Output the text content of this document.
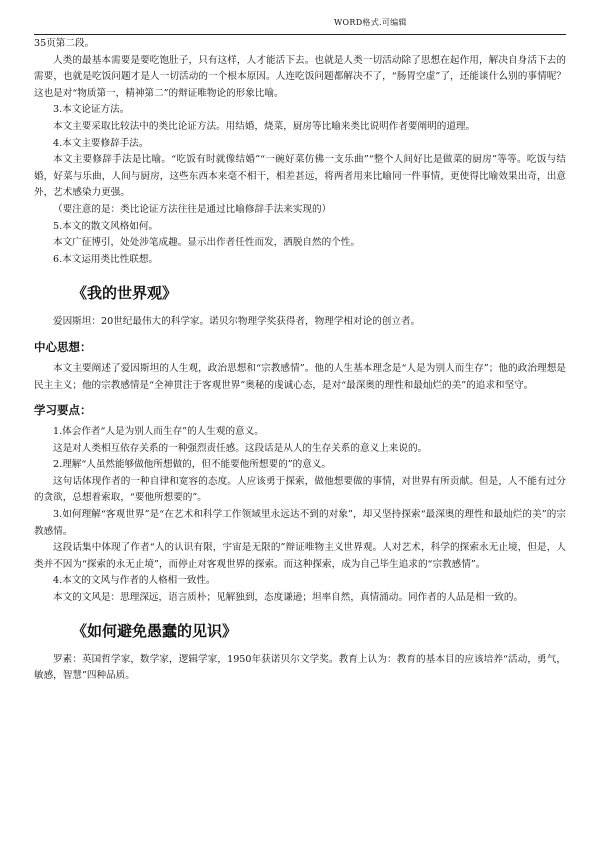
WORD格式.可编辑

35页第二段。

人类的最基本需要是要吃饱肚子，只有这样，人才能活下去。也就是人类一切活动除了思想在起作用，解决自身活下去的需要，也就是吃饭问题才是人一切活动的一个根本原因。人连吃饭问题都解决不了，“肠胃空虚”了，还能谈什么别的事情呢？这也是对“物质第一，精神第二”的辩证唯物论的形象比喻。

3.本文论证方法。

本文主要采取比较法中的类比论证方法。用结婚，烧菜，厨房等比喻来类比说明作者要阐明的道理。

4.本文主要修辞手法。

本文主要修辞手法是比喻。“吃饭有时就像结婚”“一碗好菜仿佛一支乐曲”“整个人间好比是做菜的厨房”等等。吃饭与结婚，好菜与乐曲，人间与厨房，这些东西本来毫不相干，相差甚远，将两者用来比喻同一件事情，更使得比喻效果出奇，出意外，艺术感染力更强。

（要注意的是：类比论证方法往往是通过比喻修辞手法来实现的）

5.本文的散文风格如何。

本文广征博引，处处涉笔成趣。显示出作者任性而发，洒脱自然的个性。

6.本文运用类比性联想。

《我的世界观》

爱因斯坦：20世纪最伟大的科学家。诺贝尔物理学奖获得者，物理学相对论的创立者。

中心思想：

本文主要阐述了爱因斯坦的人生观，政治思想和“宗教感情”。他的人生基本理念是“人是为别人而生存”；他的政治理想是民主主义；他的宗教感情是“全神贯注于客观世界”奥秘的虔诚心态，是对“最深奥的理性和最灿烂的美”的追求和坚守。

学习要点：

1.体会作者“人是为别人而生存”的人生观的意义。

这是对人类相互依存关系的一种强烈责任感。这段话是从人的生存关系的意义上来说的。

2.理解“人虽然能够做他所想做的，但不能要他所想要的”的意义。

这句话体现作者的一种自律和宽容的态度。人应该勇于探索，做他想要做的事情，对世界有所贡献。但是，人不能有过分的贪欲，总想着索取，“要他所想要的”。

3.如何理解“客观世界”是“在艺术和科学工作领域里永远达不到的对象”，却又坚持探索“最深奥的理性和最灿烂的美”的宗教感情。

这段话集中体现了作者“人的认识有限，宇宙是无限的”辩证唯物主义世界观。人对艺术，科学的探索永无止境，但是，人类并不因为“探索的永无止境”，而停止对客观世界的探索。而这种探索，成为自己毕生追求的“宗教感情”。

4.本文的文风与作者的人格相一致性。

本文的文风是：思理深远，语言质朴；见解独到，态度谦逊；坦率自然，真情涌动。同作者的人品是相一致的。

《如何避免愚蠢的见识》

罗素：英国哲学家，数学家，逻辑学家，1950年获诺贝尔文学奖。教育上认为：教育的基本目的应该培养“活动，勇气，敏感，智慧”四种品质。
